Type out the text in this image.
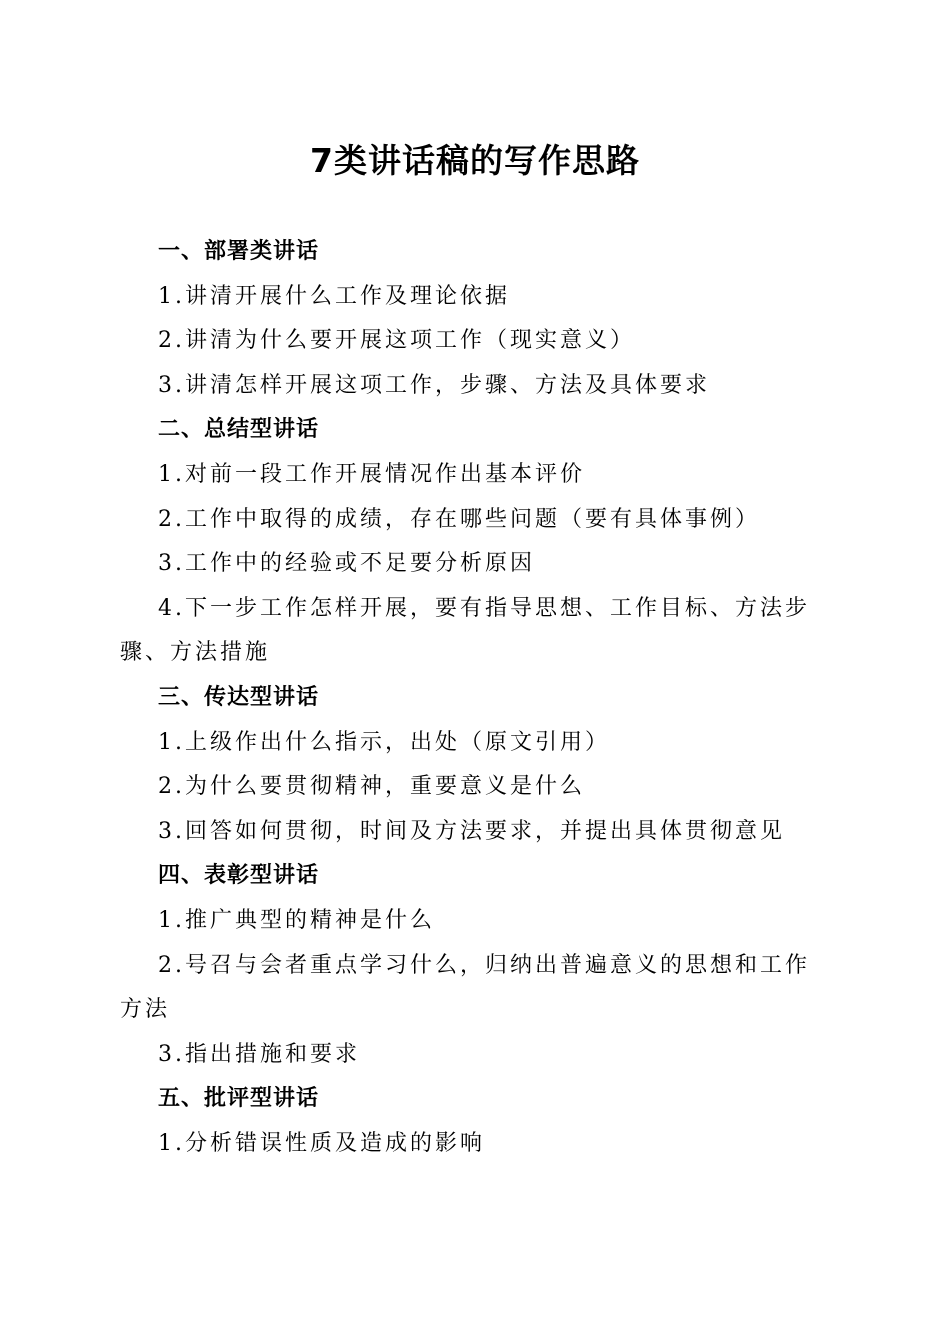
7类讲话稿的写作思路

一、部署类讲话

1.讲清开展什么工作及理论依据

2.讲清为什么要开展这项工作（现实意义）

3.讲清怎样开展这项工作，步骤、方法及具体要求

二、总结型讲话

1.对前一段工作开展情况作出基本评价

2.工作中取得的成绩，存在哪些问题（要有具体事例）

3.工作中的经验或不足要分析原因

4.下一步工作怎样开展，要有指导思想、工作目标、方法步骤、方法措施

三、传达型讲话

1.上级作出什么指示，出处（原文引用）

2.为什么要贯彻精神，重要意义是什么

3.回答如何贯彻，时间及方法要求，并提出具体贯彻意见

四、表彰型讲话

1.推广典型的精神是什么

2.号召与会者重点学习什么，归纳出普遍意义的思想和工作方法

3.指出措施和要求

五、批评型讲话

1.分析错误性质及造成的影响
